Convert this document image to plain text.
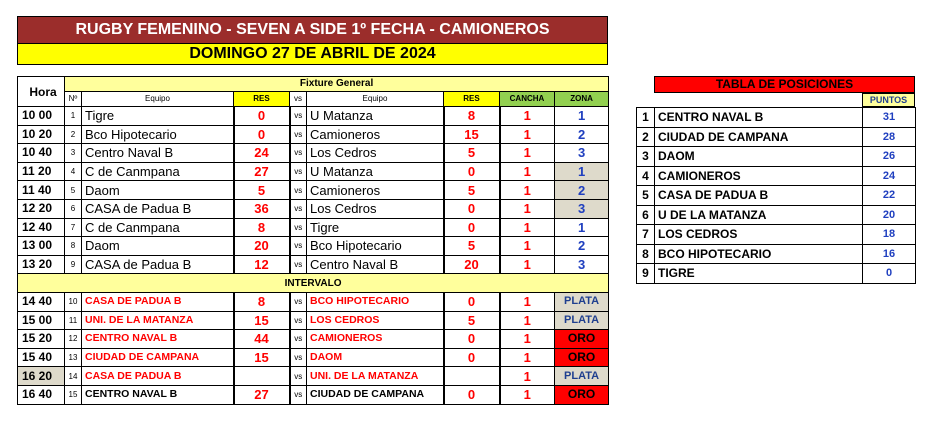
RUGBY FEMENINO - SEVEN A SIDE 1º FECHA - CAMIONEROS
DOMINGO 27 DE ABRIL DE 2024
Hora	Fixture General							
	Nº	Equipo	RES	vs	Equipo	RES	CANCHA	ZONA
10 00	1	Tigre	0	vs	U Matanza	8	1	1
10 20	2	Bco Hipotecario	0	vs	Camioneros	15	1	2
10 40	3	Centro Naval B	24	vs	Los Cedros	5	1	3
11 20	4	C de Canmpana	27	vs	U Matanza	0	1	1
11 40	5	Daom	5	vs	Camioneros	5	1	2
12 20	6	CASA de Padua B	36	vs	Los Cedros	0	1	3
12 40	7	C de Canmpana	8	vs	Tigre	0	1	1
13 00	8	Daom	20	vs	Bco Hipotecario	5	1	2
13 20	9	CASA de Padua B	12	vs	Centro Naval B	20	1	3
INTERVALO								
14 40	10	CASA DE PADUA B	8	vs	BCO HIPOTECARIO	0	1	PLATA
15 00	11	UNI. DE LA MATANZA	15	vs	LOS CEDROS	5	1	PLATA
15 20	12	CENTRO NAVAL B	44	vs	CAMIONEROS	0	1	ORO
15 40	13	CIUDAD DE CAMPANA	15	vs	DAOM	0	1	ORO
16 20	14	CASA DE PADUA B		vs	UNI. DE LA MATANZA		1	PLATA
16 40	15	CENTRO NAVAL B	27	vs	CIUDAD DE CAMPANA	0	1	ORO
TABLA DE POSICIONES
PUNTOS
1	CENTRO NAVAL B	31
2	CIUDAD DE CAMPANA	28
3	DAOM	26
4	CAMIONEROS	24
5	CASA DE PADUA B	22
6	U DE LA MATANZA	20
7	LOS CEDROS	18
8	BCO HIPOTECARIO	16
9	TIGRE	0
